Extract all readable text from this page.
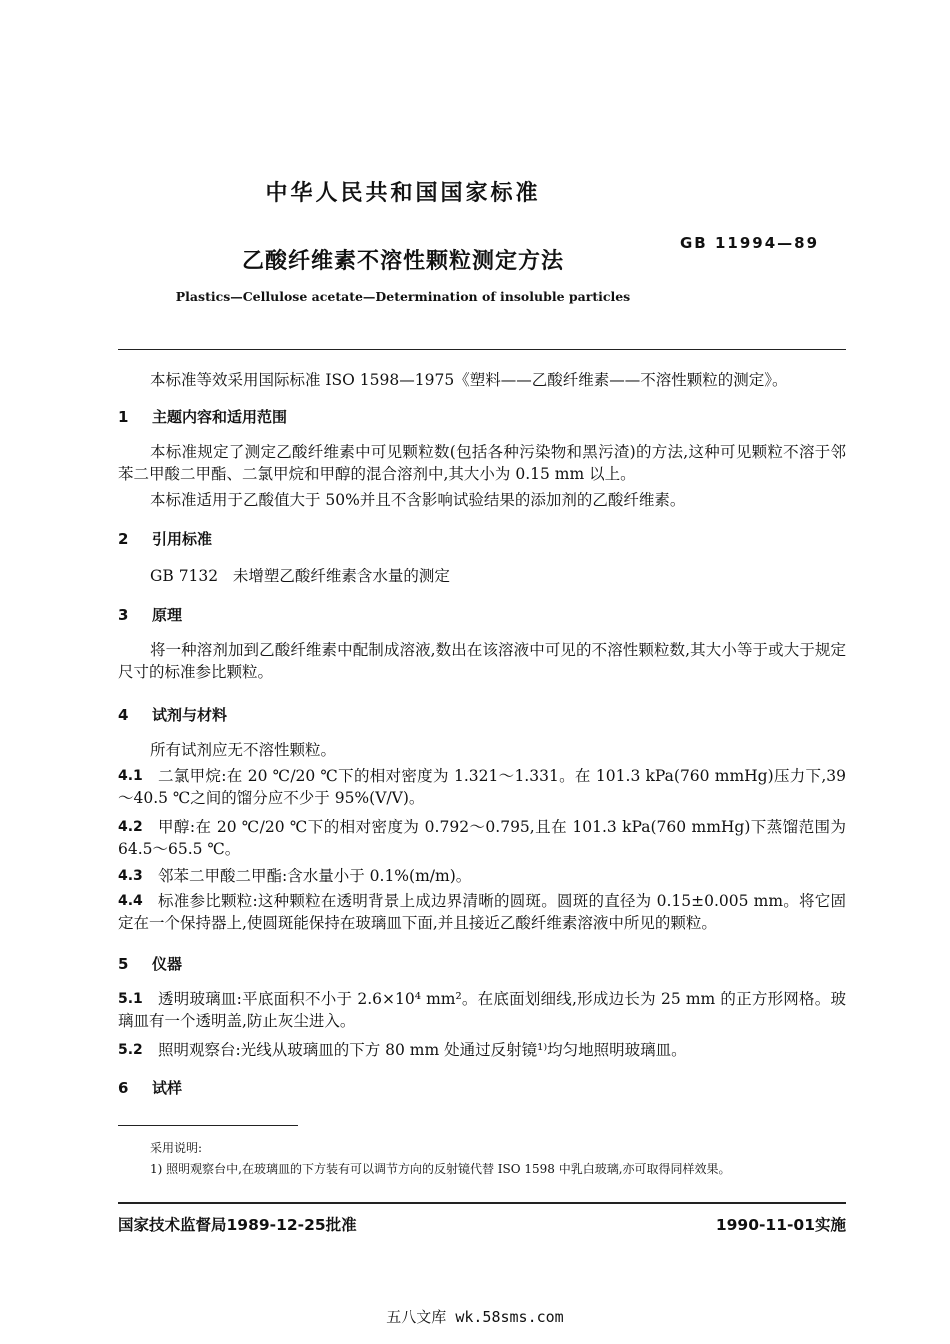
中华人民共和国国家标准
GB 11994—89
乙酸纤维素不溶性颗粒测定方法
Plastics—Cellulose acetate—Determination of insoluble particles
本标准等效采用国际标准 ISO 1598—1975《塑料——乙酸纤维素——不溶性颗粒的测定》。
1 主题内容和适用范围
本标准规定了测定乙酸纤维素中可见颗粒数(包括各种污染物和黑污渣)的方法,这种可见颗粒不溶于邻苯二甲酸二甲酯、二氯甲烷和甲醇的混合溶剂中,其大小为 0.15 mm 以上。
本标准适用于乙酸值大于 50%并且不含影响试验结果的添加剂的乙酸纤维素。
2 引用标准
GB 7132   未增塑乙酸纤维素含水量的测定
3 原理
将一种溶剂加到乙酸纤维素中配制成溶液,数出在该溶液中可见的不溶性颗粒数,其大小等于或大于规定尺寸的标准参比颗粒。
4 试剂与材料
所有试剂应无不溶性颗粒。
4.1 二氯甲烷:在 20 ℃/20 ℃下的相对密度为 1.321～1.331。在 101.3 kPa(760 mmHg)压力下,39～40.5 ℃之间的馏分应不少于 95%(V/V)。
4.2 甲醇:在 20 ℃/20 ℃下的相对密度为 0.792～0.795,且在 101.3 kPa(760 mmHg)下蒸馏范围为 64.5～65.5 ℃。
4.3 邻苯二甲酸二甲酯:含水量小于 0.1%(m/m)。
4.4 标准参比颗粒:这种颗粒在透明背景上成边界清晰的圆斑。圆斑的直径为 0.15±0.005 mm。将它固定在一个保持器上,使圆斑能保持在玻璃皿下面,并且接近乙酸纤维素溶液中所见的颗粒。
5 仪器
5.1 透明玻璃皿:平底面积不小于 2.6×10⁴ mm²。在底面划细线,形成边长为 25 mm 的正方形网格。玻璃皿有一个透明盖,防止灰尘进入。
5.2 照明观察台:光线从玻璃皿的下方 80 mm 处通过反射镜¹⁾均匀地照明玻璃皿。
6 试样
采用说明:
1) 照明观察台中,在玻璃皿的下方装有可以调节方向的反射镜代替 ISO 1598 中乳白玻璃,亦可取得同样效果。
国家技术监督局1989-12-25批准	1990-11-01实施
五八文库 wk.58sms.com
